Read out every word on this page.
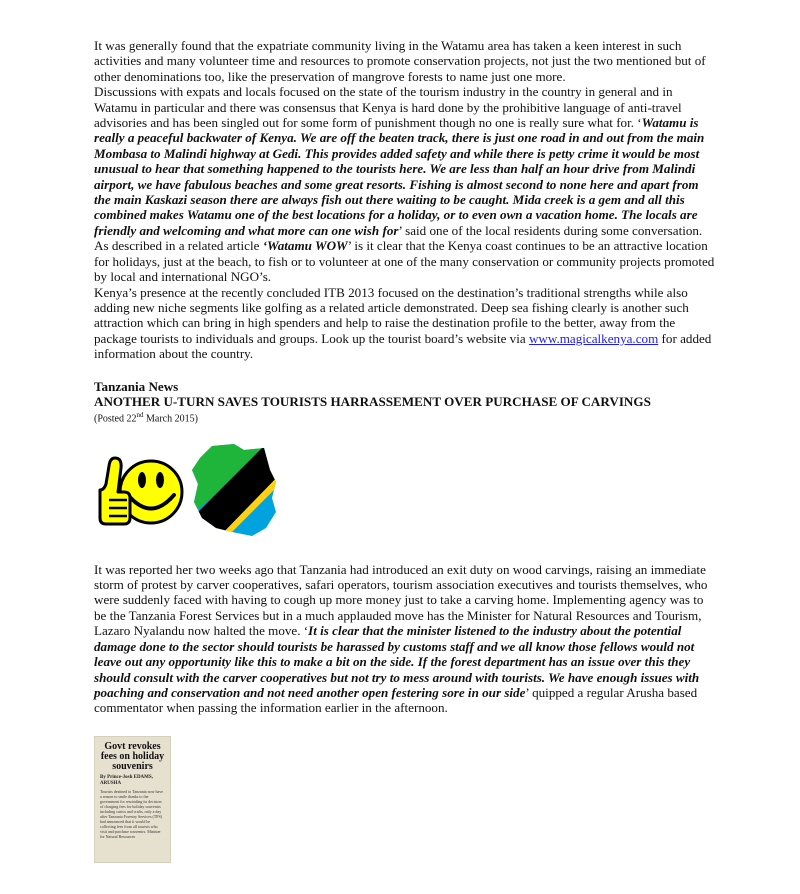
It was generally found that the expatriate community living in the Watamu area has taken a keen interest in such activities and many volunteer time and resources to promote conservation projects, not just the two mentioned but of other denominations too, like the preservation of mangrove forests to name just one more.

Discussions with expats and locals focused on the state of the tourism industry in the country in general and in Watamu in particular and there was consensus that Kenya is hard done by the prohibitive language of anti-travel advisories and has been singled out for some form of punishment though no one is really sure what for. ‘Watamu is really a peaceful backwater of Kenya. We are off the beaten track, there is just one road in and out from the main Mombasa to Malindi highway at Gedi. This provides added safety and while there is petty crime it would be most unusual to hear that something happened to the tourists here. We are less than half an hour drive from Malindi airport, we have fabulous beaches and some great resorts. Fishing is almost second to none here and apart from the main Kaskazi season there are always fish out there waiting to be caught. Mida creek is a gem and all this combined makes Watamu one of the best locations for a holiday, or to even own a vacation home. The locals are friendly and welcoming and what more can one wish for’ said one of the local residents during some conversation.

As described in a related article ‘Watamu WOW’ is it clear that the Kenya coast continues to be an attractive location for holidays, just at the beach, to fish or to volunteer at one of the many conservation or community projects promoted by local and international NGO’s.

Kenya’s presence at the recently concluded ITB 2013 focused on the destination’s traditional strengths while also adding new niche segments like golfing as a related article demonstrated. Deep sea fishing clearly is another such attraction which can bring in high spenders and help to raise the destination profile to the better, away from the package tourists to individuals and groups. Look up the tourist board’s website via www.magicalkenya.com for added information about the country.

Tanzania News

ANOTHER U-TURN SAVES TOURISTS HARRASSEMENT OVER PURCHASE OF CARVINGS

(Posted 22nd March 2015)

It was reported her two weeks ago that Tanzania had introduced an exit duty on wood carvings, raising an immediate storm of protest by carver cooperatives, safari operators, tourism association executives and tourists themselves, who were suddenly faced with having to cough up more money just to take a carving home. Implementing agency was to be the Tanzania Forest Services but in a much applauded move has the Minister for Natural Resources and Tourism, Lazaro Nyalandu now halted the move. ‘It is clear that the minister listened to the industry about the potential damage done to the sector should tourists be harassed by customs staff and we all know those fellows would not leave out any opportunity like this to make a bit on the side. If the forest department has an issue over this they should consult with the carver cooperatives but not try to mess around with tourists. We have enough issues with poaching and conservation and not need another open festering sore in our side’ quipped a regular Arusha based commentator when passing the information earlier in the afternoon.

Govt revokes fees on holiday souvenirs
By Prince-Josh EDAMS, ARUSHA
Tourists destined to Tanzania now have a reason to smile thanks to the government for rescinding its decision of charging fees for holiday souvenirs including curios and crafts, only a day after Tanzania Forestry Services (TFS) had announced that it would be collecting fees from all tourists who visit and purchase souvenirs. Minister for Natural Resources
